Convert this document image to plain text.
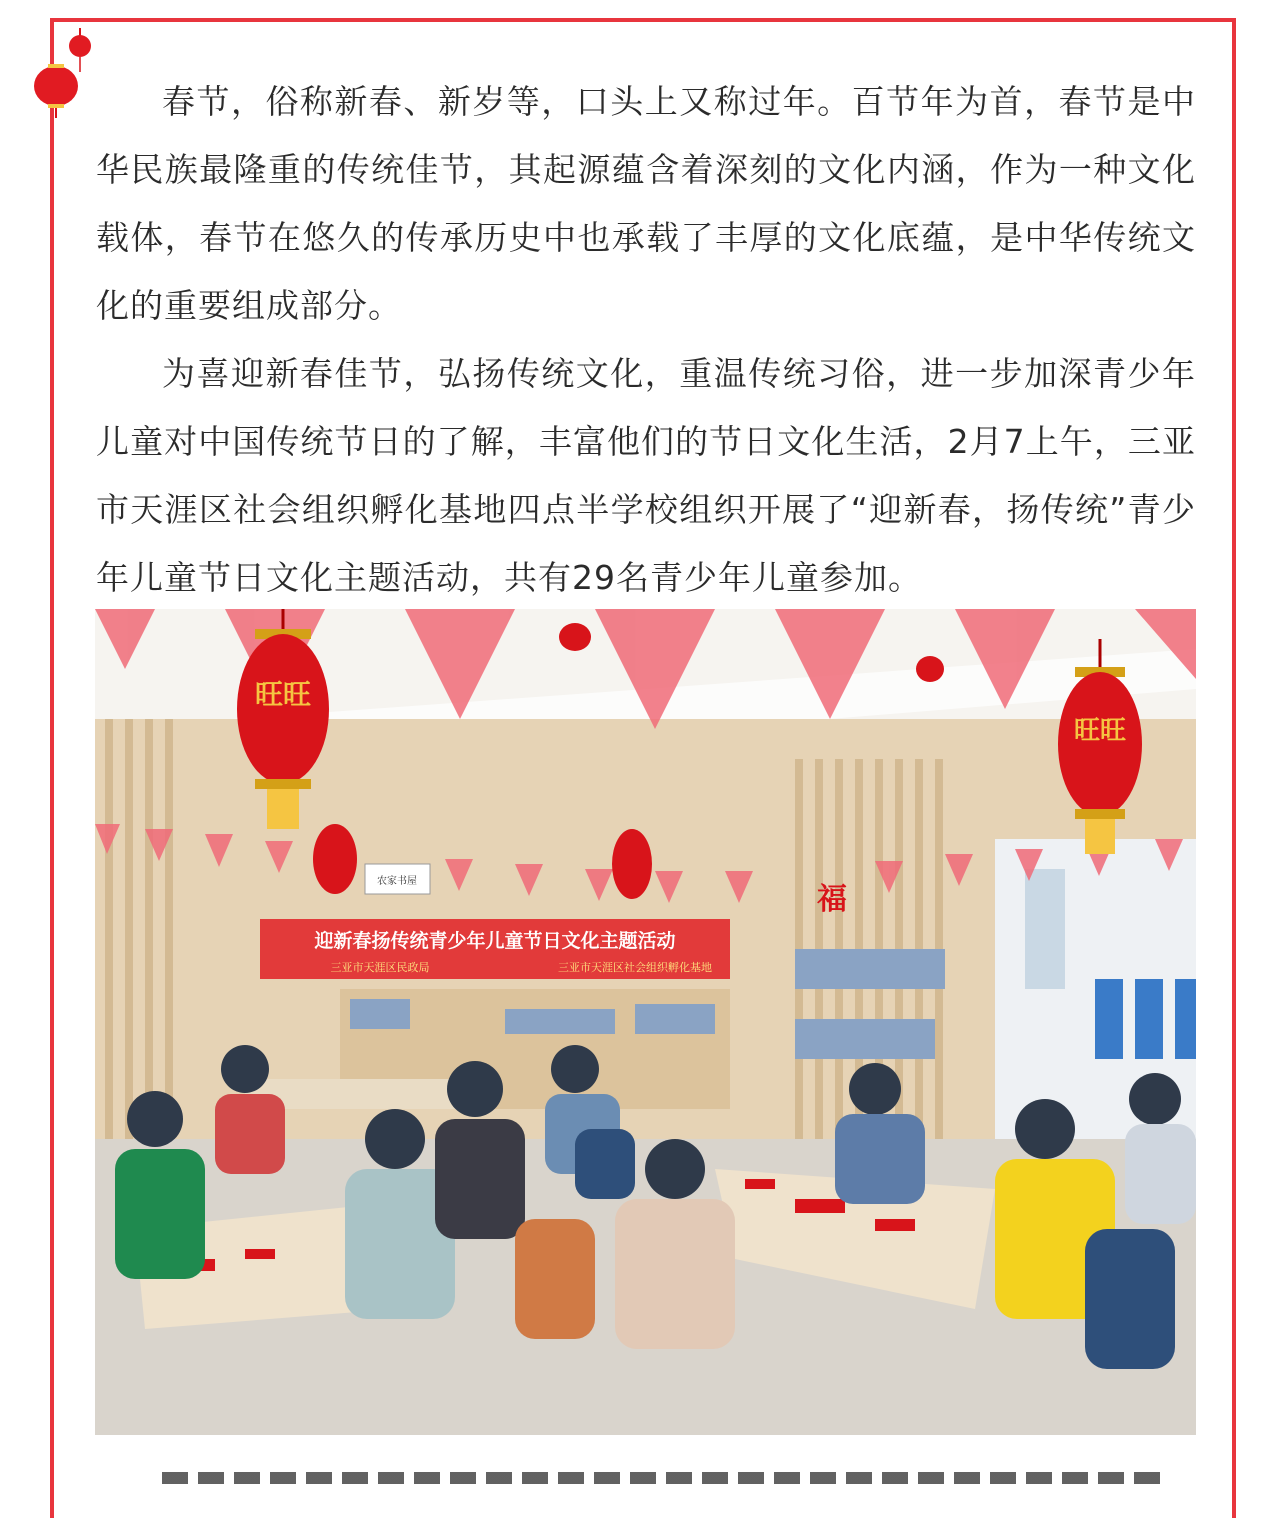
春节，俗称新春、新岁等，口头上又称过年。百节年为首，春节是中华民族最隆重的传统佳节，其起源蕴含着深刻的文化内涵，作为一种文化载体，春节在悠久的传承历史中也承载了丰厚的文化底蕴，是中华传统文化的重要组成部分。

为喜迎新春佳节，弘扬传统文化，重温传统习俗，进一步加深青少年儿童对中国传统节日的了解，丰富他们的节日文化生活，2月7上午，三亚市天涯区社会组织孵化基地四点半学校组织开展了“迎新春，扬传统”青少年儿童节日文化主题活动，共有29名青少年儿童参加。

迎新春扬传统青少年儿童节日文化主题活动
三亚市天涯区民政局	三亚市天涯区社会组织孵化基地
农家书屋
旺旺
旺旺
福
